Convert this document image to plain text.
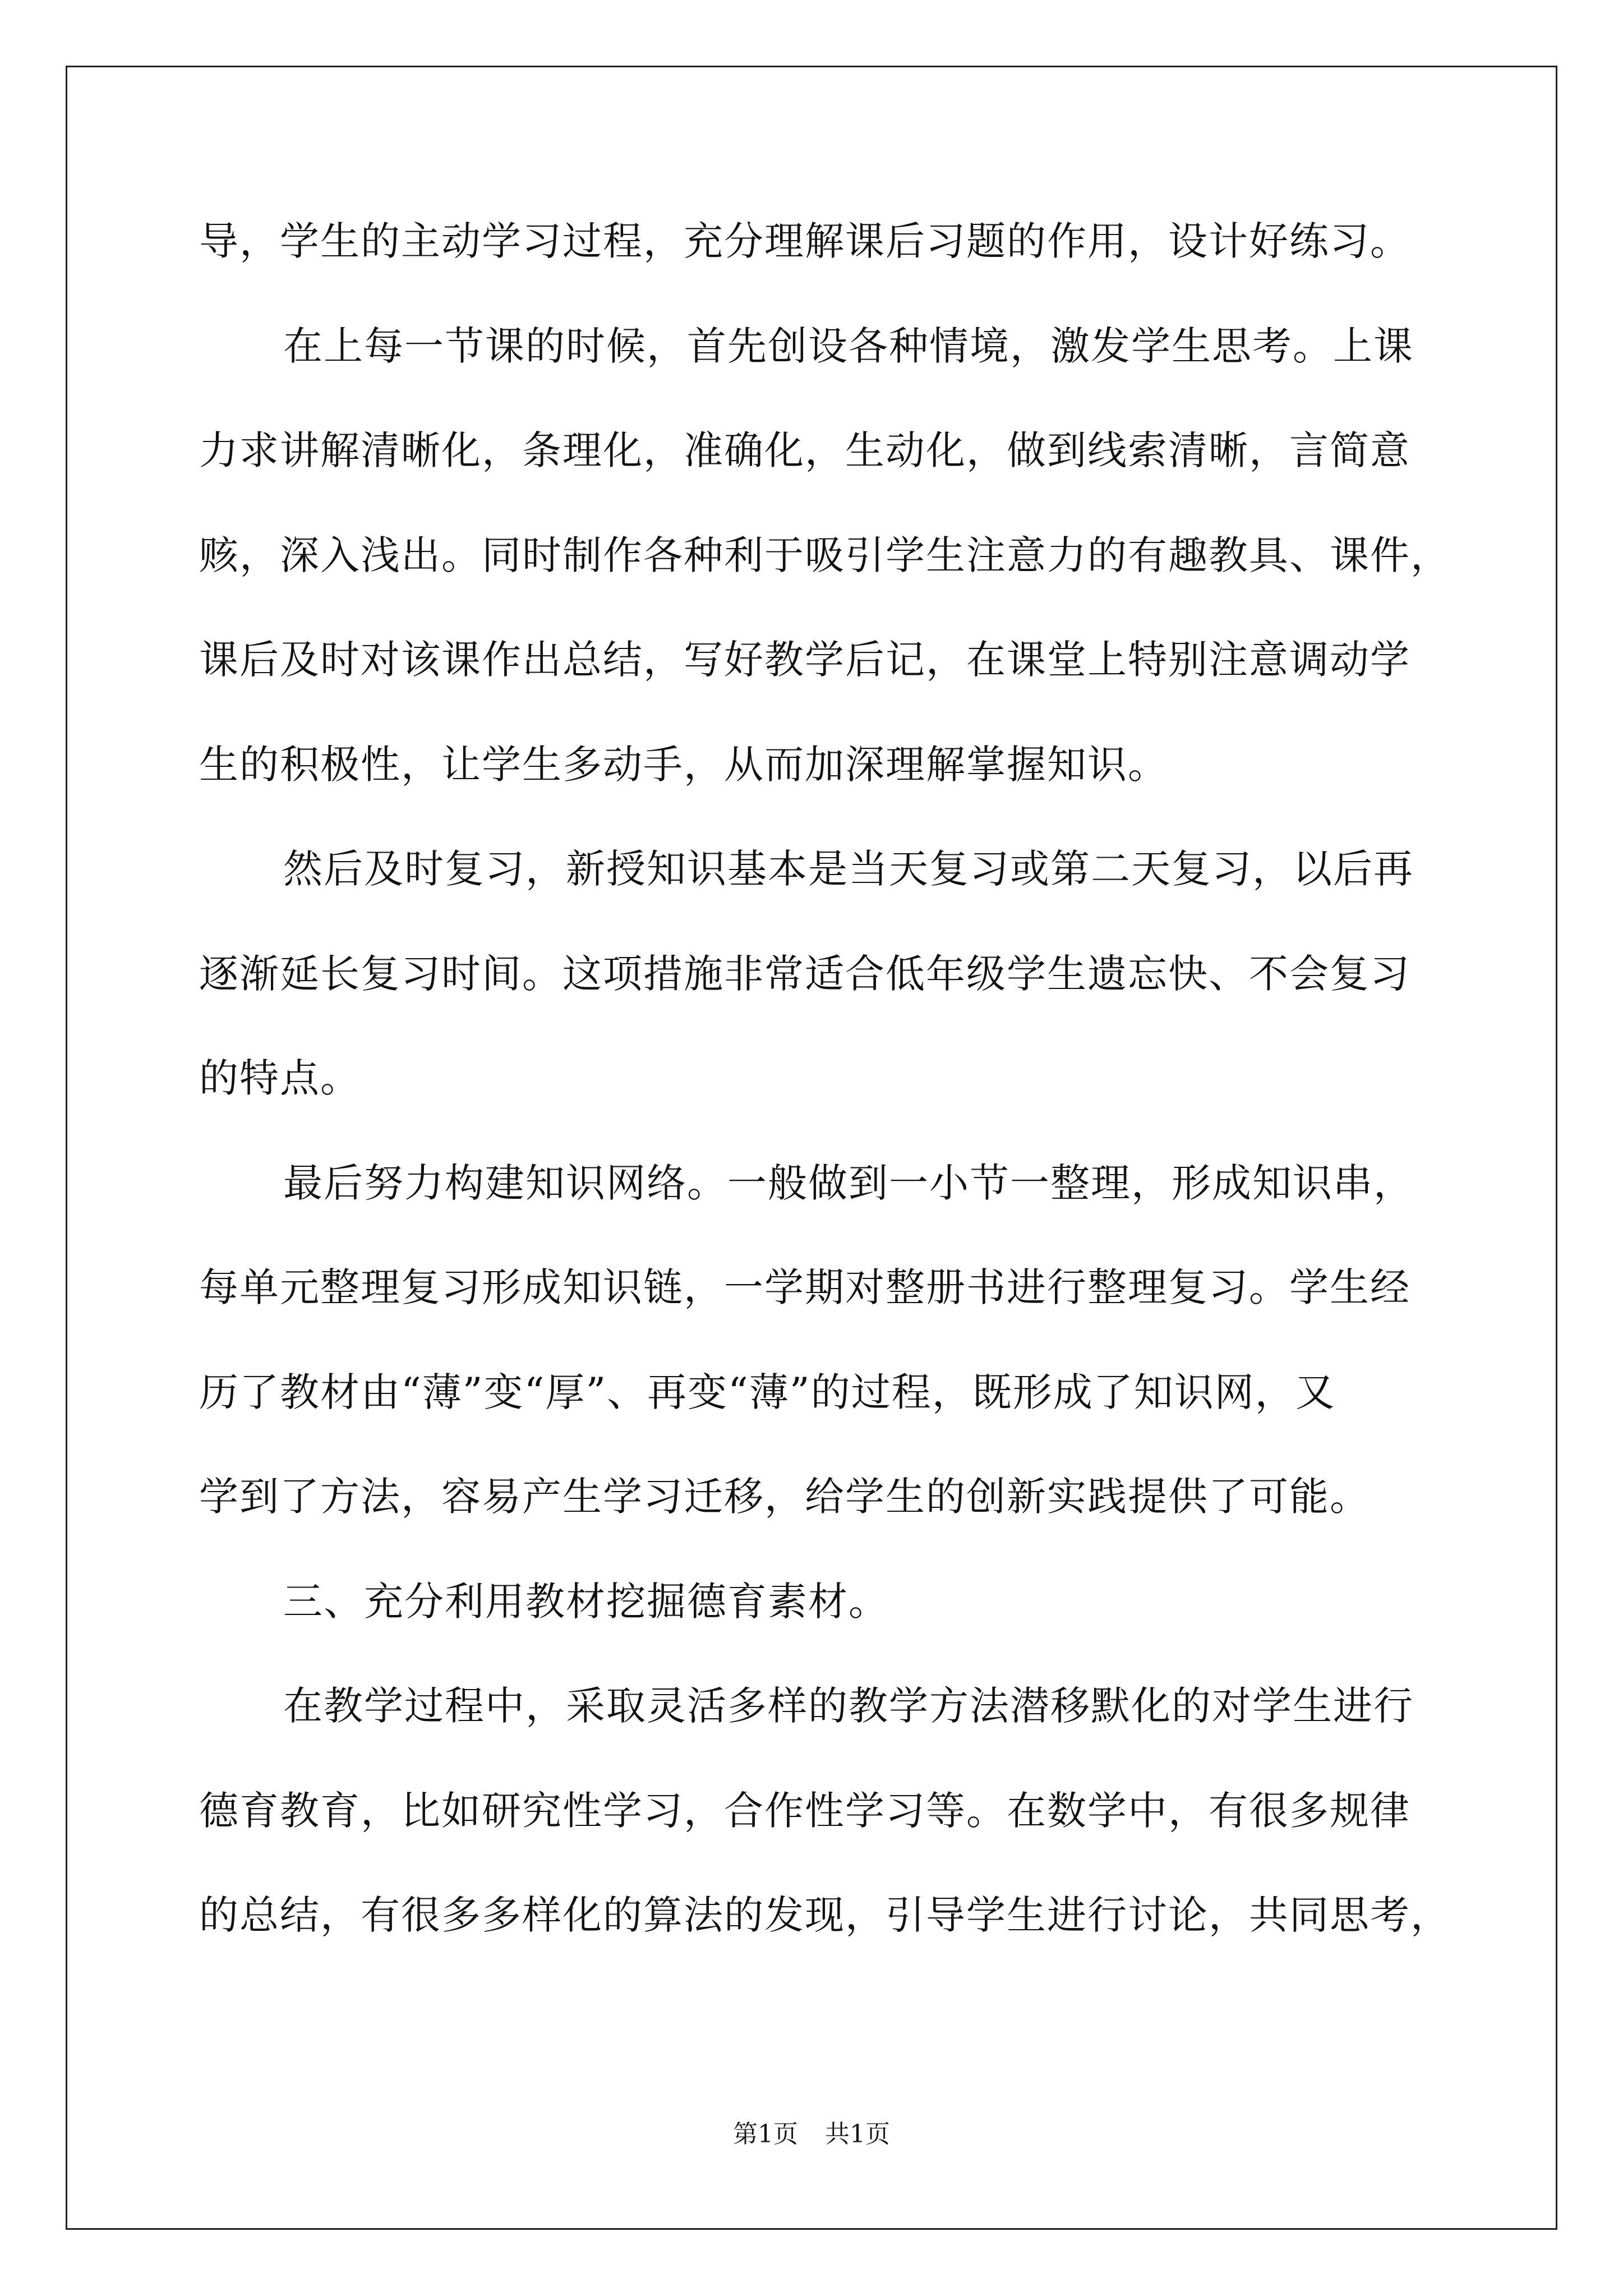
导，学生的主动学习过程，充分理解课后习题的作用，设计好练习。
在上每一节课的时候，首先创设各种情境，激发学生思考。上课
力求讲解清晰化，条理化，准确化，生动化，做到线索清晰，言简意
赅，深入浅出。同时制作各种利于吸引学生注意力的有趣教具、课件，
课后及时对该课作出总结，写好教学后记，在课堂上特别注意调动学
生的积极性，让学生多动手，从而加深理解掌握知识。
然后及时复习，新授知识基本是当天复习或第二天复习，以后再
逐渐延长复习时间。这项措施非常适合低年级学生遗忘快、不会复习
的特点。
最后努力构建知识网络。一般做到一小节一整理，形成知识串，
每单元整理复习形成知识链，一学期对整册书进行整理复习。学生经
历了教材由“薄”变“厚”、再变“薄”的过程，既形成了知识网，又
学到了方法，容易产生学习迁移，给学生的创新实践提供了可能。
三、充分利用教材挖掘德育素材。
在教学过程中，采取灵活多样的教学方法潜移默化的对学生进行
德育教育，比如研究性学习，合作性学习等。在数学中，有很多规律
的总结，有很多多样化的算法的发现，引导学生进行讨论，共同思考，
第1页 共1页
